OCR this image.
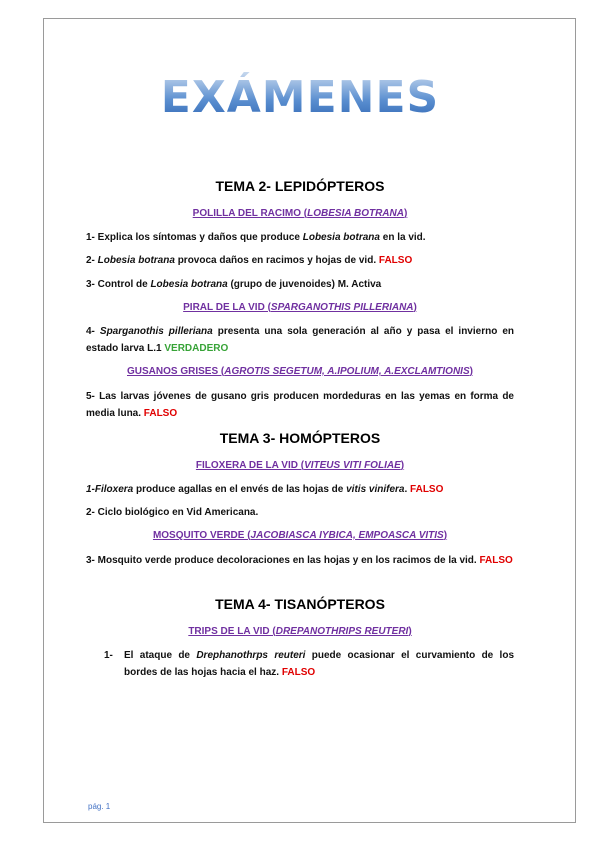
EXÁMENES
TEMA 2- LEPIDÓPTEROS
POLILLA DEL RACIMO (LOBESIA BOTRANA)
1- Explica los síntomas y daños que produce Lobesia botrana en la vid.
2- Lobesia botrana provoca daños en racimos y hojas de vid. FALSO
3- Control de Lobesia botrana (grupo de juvenoides) M. Activa
PIRAL DE LA VID (SPARGANOTHIS PILLERIANA)
4- Sparganothis pilleriana presenta una sola generación al año y pasa el invierno en estado larva L.1 VERDADERO
GUSANOS GRISES (AGROTIS SEGETUM, A.IPOLIUM, A.EXCLAMTIONIS)
5- Las larvas jóvenes de gusano gris producen mordeduras en las yemas en forma de media luna. FALSO
TEMA 3- HOMÓPTEROS
FILOXERA DE LA VID (VITEUS VITI FOLIAE)
1-Filoxera produce agallas en el envés de las hojas de vitis vinifera. FALSO
2- Ciclo biológico en Vid Americana.
MOSQUITO VERDE (JACOBIASCA IYBICA, EMPOASCA VITIS)
3- Mosquito verde produce decoloraciones en las hojas y en los racimos de la vid. FALSO
TEMA 4- TISANÓPTEROS
TRIPS DE LA VID (DREPANOTHRIPS REUTERI)
1-	El ataque de Drephanothrps reuteri puede ocasionar el curvamiento de los bordes de las hojas hacia el haz. FALSO
pág. 1
